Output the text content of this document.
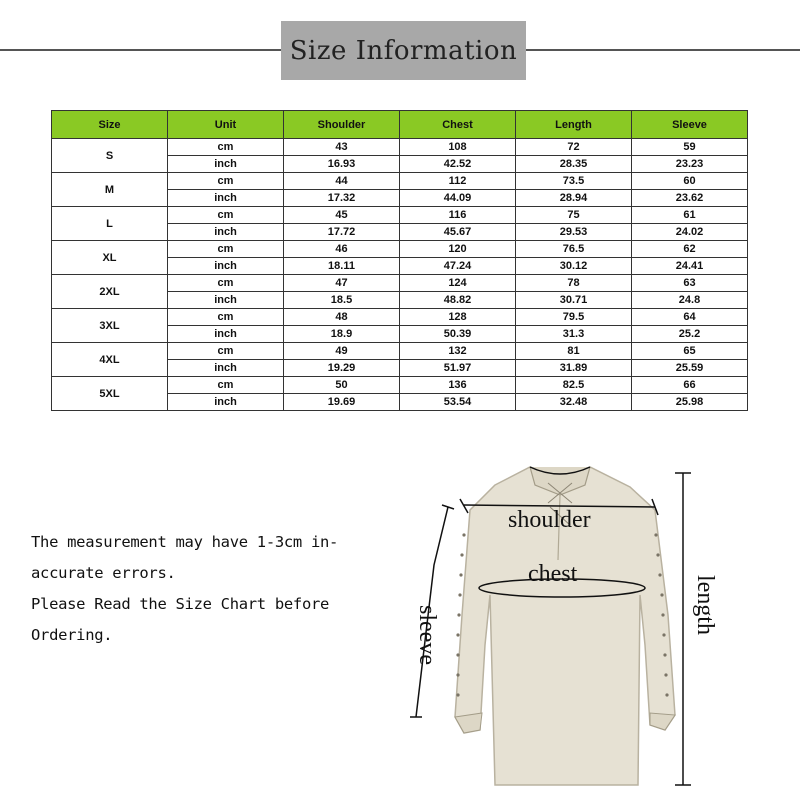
Size Information
Size	Unit	Shoulder	Chest	Length	Sleeve
S	cm	43	108	72	59
	inch	16.93	42.52	28.35	23.23
M	cm	44	112	73.5	60
	inch	17.32	44.09	28.94	23.62
L	cm	45	116	75	61
	inch	17.72	45.67	29.53	24.02
XL	cm	46	120	76.5	62
	inch	18.11	47.24	30.12	24.41
2XL	cm	47	124	78	63
	inch	18.5	48.82	30.71	24.8
3XL	cm	48	128	79.5	64
	inch	18.9	50.39	31.3	25.2
4XL	cm	49	132	81	65
	inch	19.29	51.97	31.89	25.59
5XL	cm	50	136	82.5	66
	inch	19.69	53.54	32.48	25.98
The measurement may have 1-3cm in-
accurate errors.
Please Read the Size Chart before
Ordering.
shoulder
chest
sleeve	length
